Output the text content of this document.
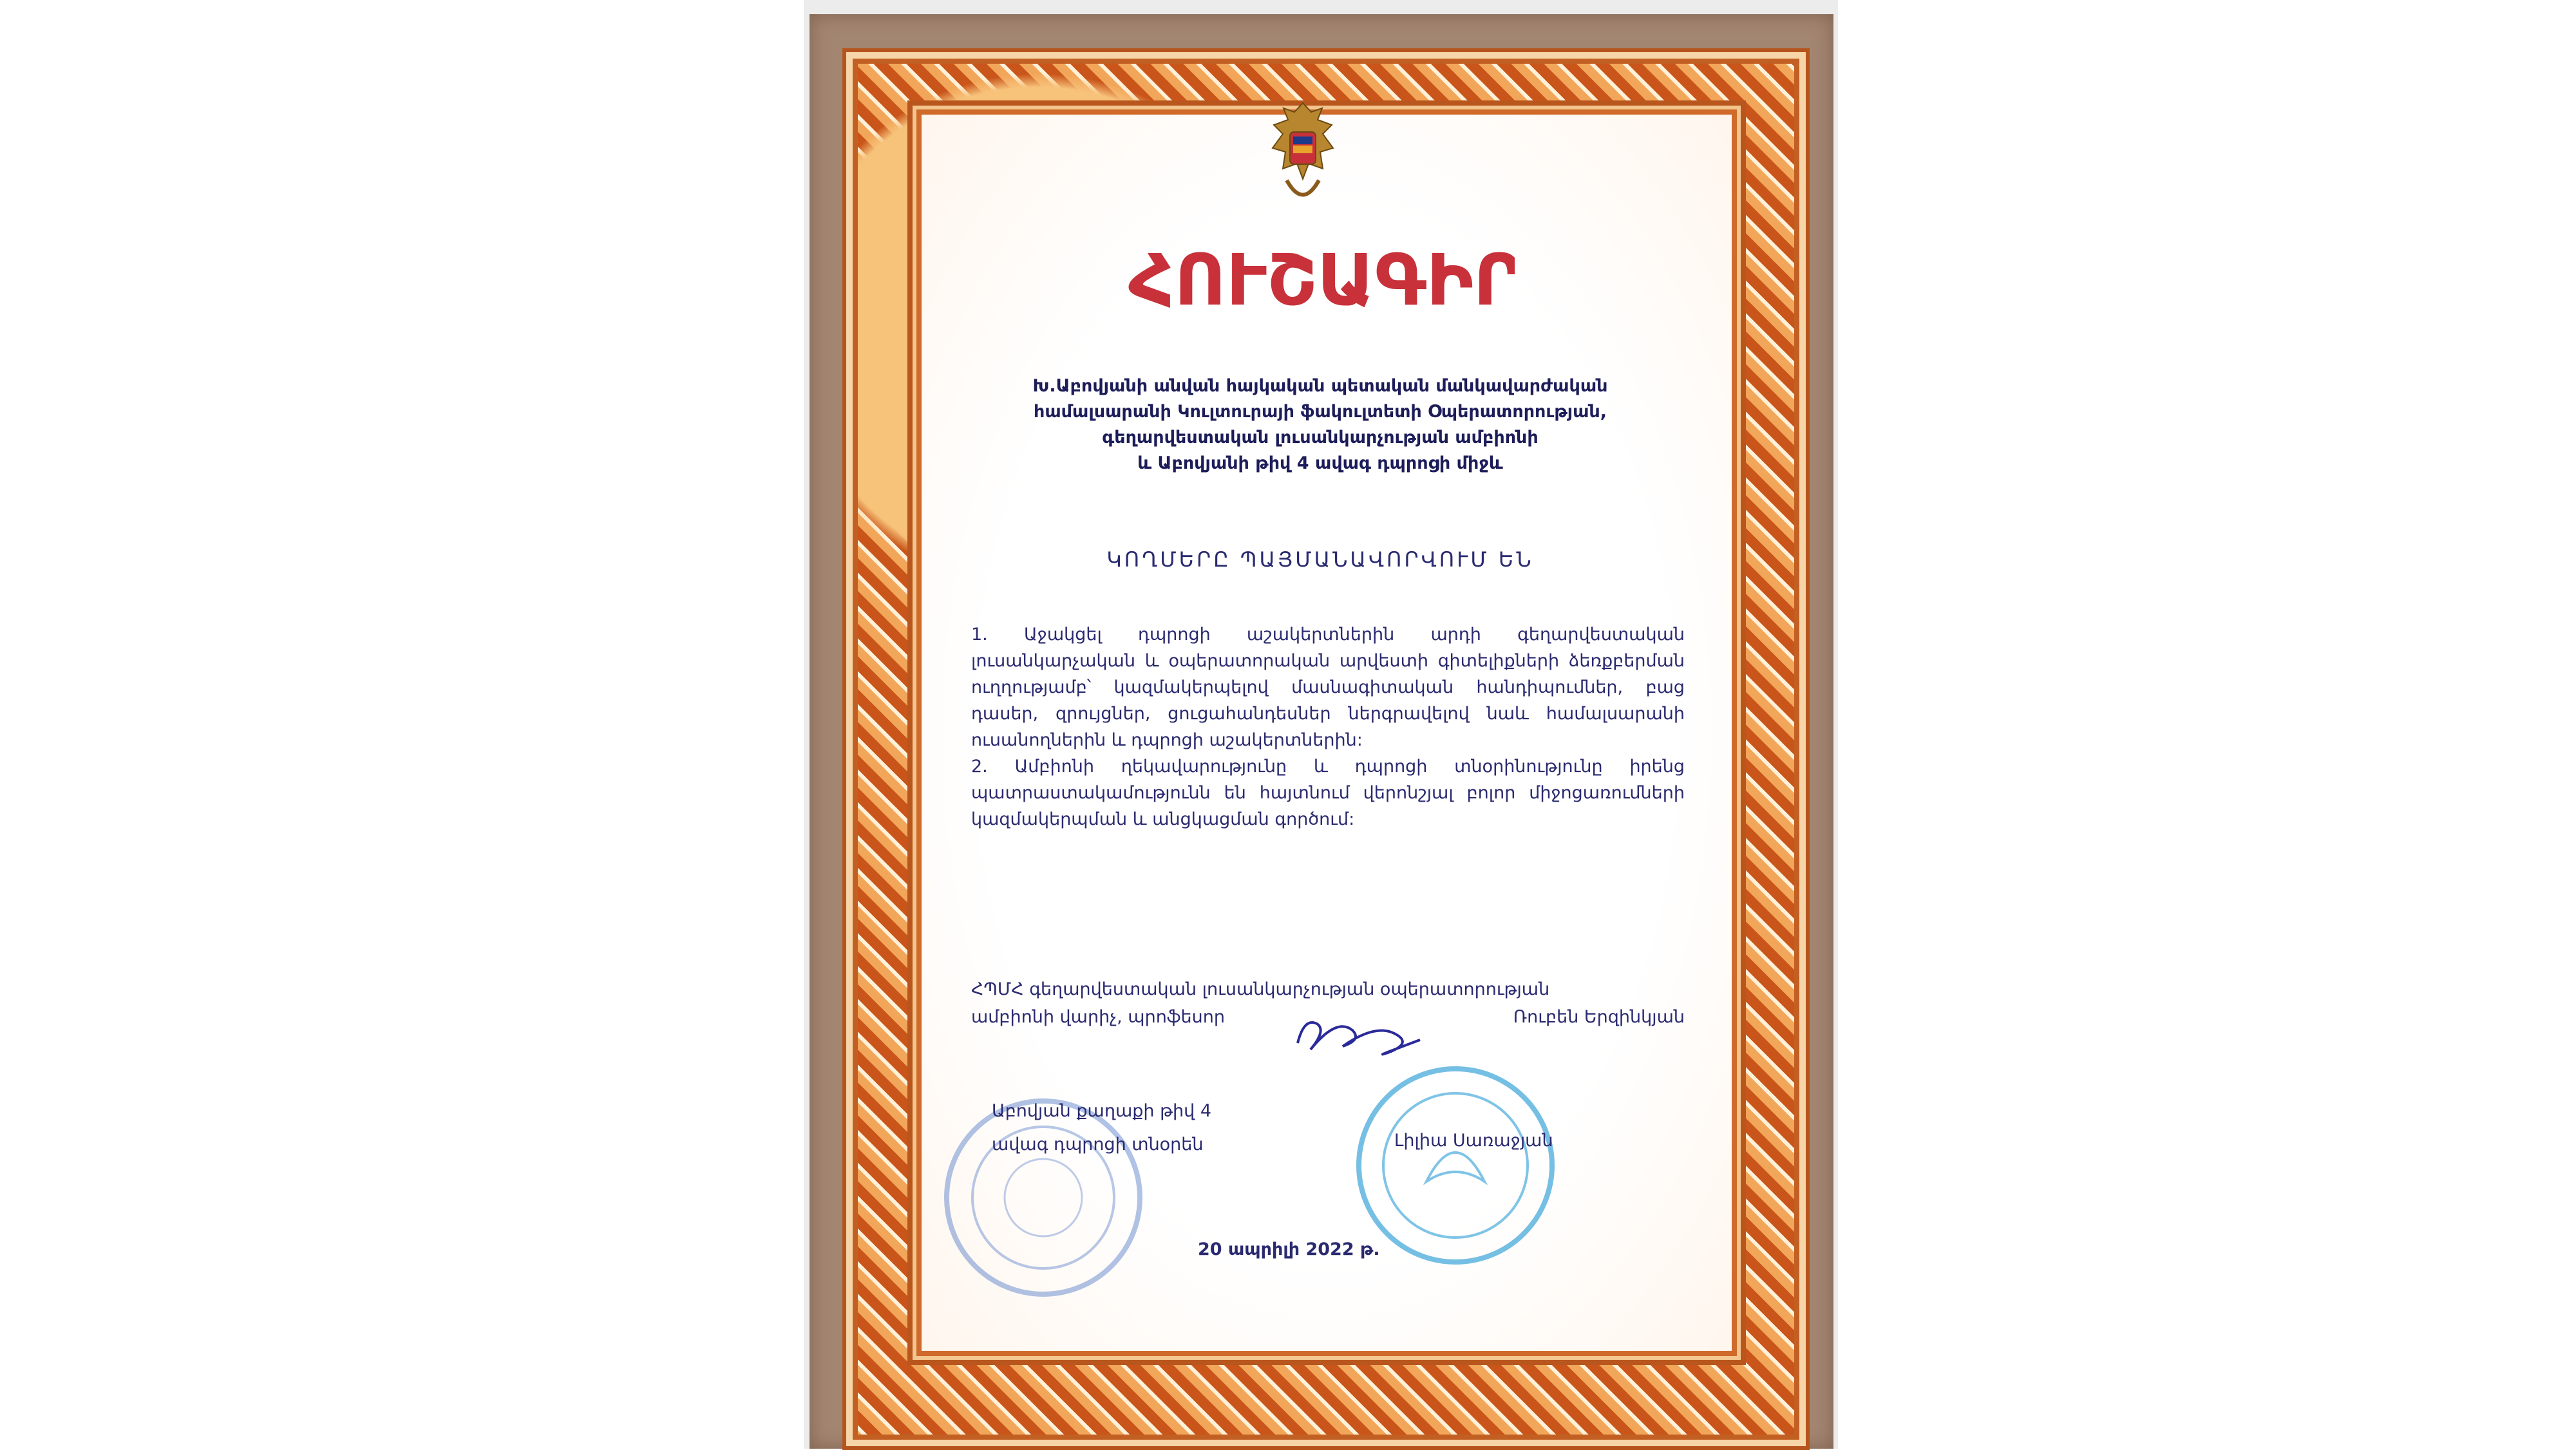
ՀՈՒՇԱԳԻՐ
Խ.Աբովյանի անվան հայկական պետական մանկավարժական
համալսարանի Կուլտուրայի ֆակուլտետի Օպերատորության,
գեղարվեստական լուսանկարչության ամբիոնի
և Աբովյանի թիվ 4 ավագ դպրոցի միջև
ԿՈՂՄԵՐԸ ՊԱՅՄԱՆԱՎՈՐՎՈՒՄ ԵՆ

1. Աջակցել դպրոցի աշակերտներին արդի գեղարվեստական լուսանկարչական և օպերատորական արվեստի գիտելիքների ձեռքբերման ուղղությամբ՝ կազմակերպելով մասնագիտական հանդիպումներ, բաց դասեր, զրույցներ, ցուցահանդեսներ ներգրավելով նաև համալսարանի ուսանողներին և դպրոցի աշակերտներին:

2. Ամբիոնի ղեկավարությունը և դպրոցի տնօրինությունը իրենց պատրաստակամությունն են հայտնում վերոնշյալ բոլոր միջոցառումների կազմակերպման և անցկացման գործում:

ՀՊՄՀ գեղարվեստական լուսանկարչության օպերատորության
ամբիոնի վարիչ, պրոֆեսոր	Ռուբեն Երզինկյան
Աբովյան քաղաքի թիվ 4
ավագ դպրոցի տնօրեն	Լիլիա Սառաջյան
20 ապրիլի 2022 թ.
